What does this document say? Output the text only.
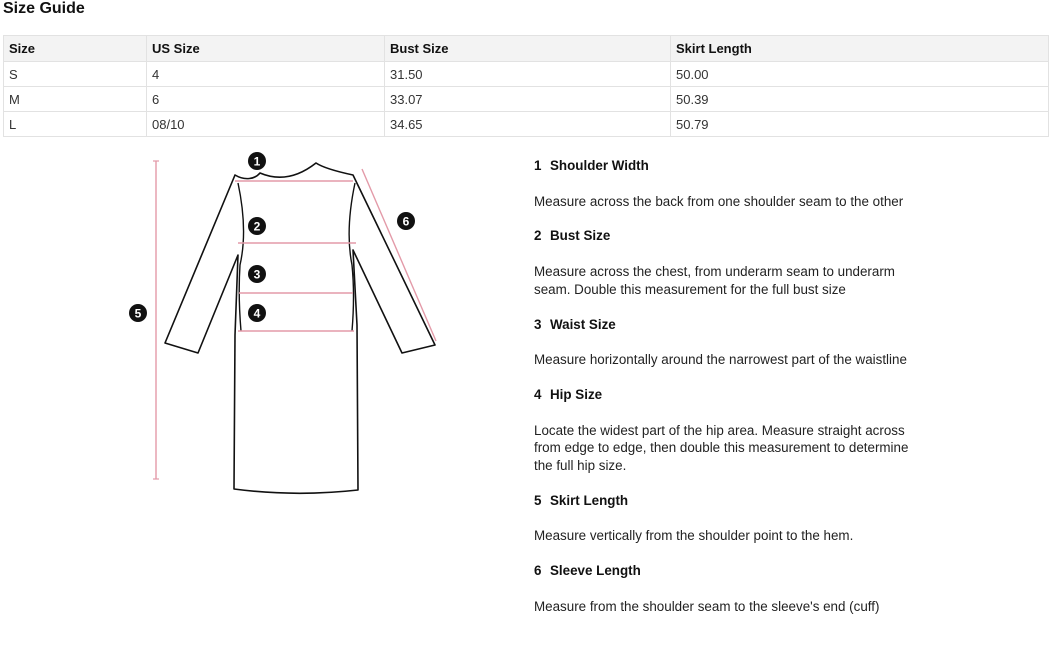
Size Guide
Size	US Size	Bust Size	Skirt Length
S	4	31.50	50.00
M	6	33.07	50.39
L	08/10	34.65	50.79
1
2
3
4
5
6
1 Shoulder Width
Measure across the back from one shoulder seam to the other
2 Bust Size
Measure across the chest, from underarm seam to underarm seam. Double this measurement for the full bust size
3 Waist Size
Measure horizontally around the narrowest part of the waistline
4 Hip Size
Locate the widest part of the hip area. Measure straight across from edge to edge, then double this measurement to determine the full hip size.
5 Skirt Length
Measure vertically from the shoulder point to the hem.
6 Sleeve Length
Measure from the shoulder seam to the sleeve's end (cuff)
